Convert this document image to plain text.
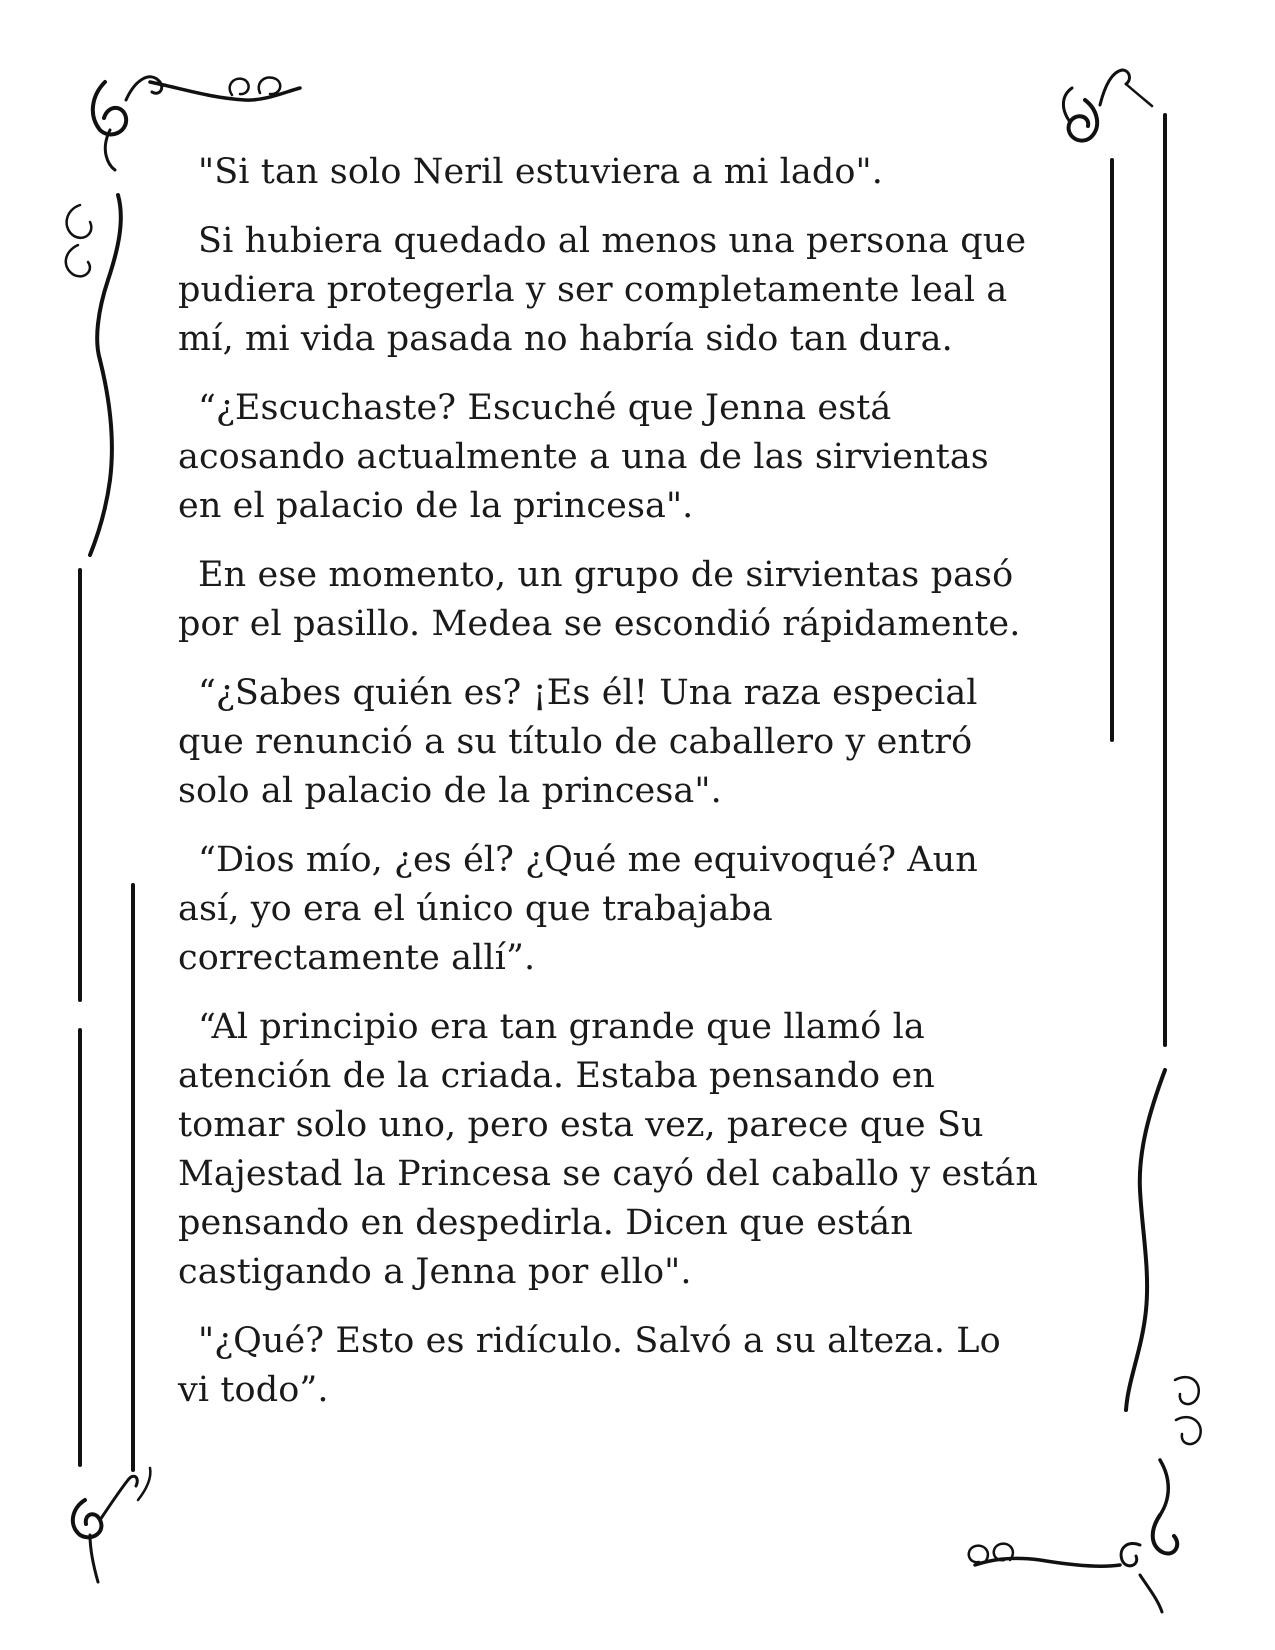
"Si tan solo Neril estuviera a mi lado".

Si hubiera quedado al menos una persona que
pudiera protegerla y ser completamente leal a
mí, mi vida pasada no habría sido tan dura.

“¿Escuchaste? Escuché que Jenna está
acosando actualmente a una de las sirvientas
en el palacio de la princesa".

En ese momento, un grupo de sirvientas pasó
por el pasillo. Medea se escondió rápidamente.

“¿Sabes quién es? ¡Es él! Una raza especial
que renunció a su título de caballero y entró
solo al palacio de la princesa".

“Dios mío, ¿es él? ¿Qué me equivoqué? Aun
así, yo era el único que trabajaba
correctamente allí”.

“Al principio era tan grande que llamó la
atención de la criada. Estaba pensando en
tomar solo uno, pero esta vez, parece que Su
Majestad la Princesa se cayó del caballo y están
pensando en despedirla. Dicen que están
castigando a Jenna por ello".

"¿Qué? Esto es ridículo. Salvó a su alteza. Lo
vi todo”.
